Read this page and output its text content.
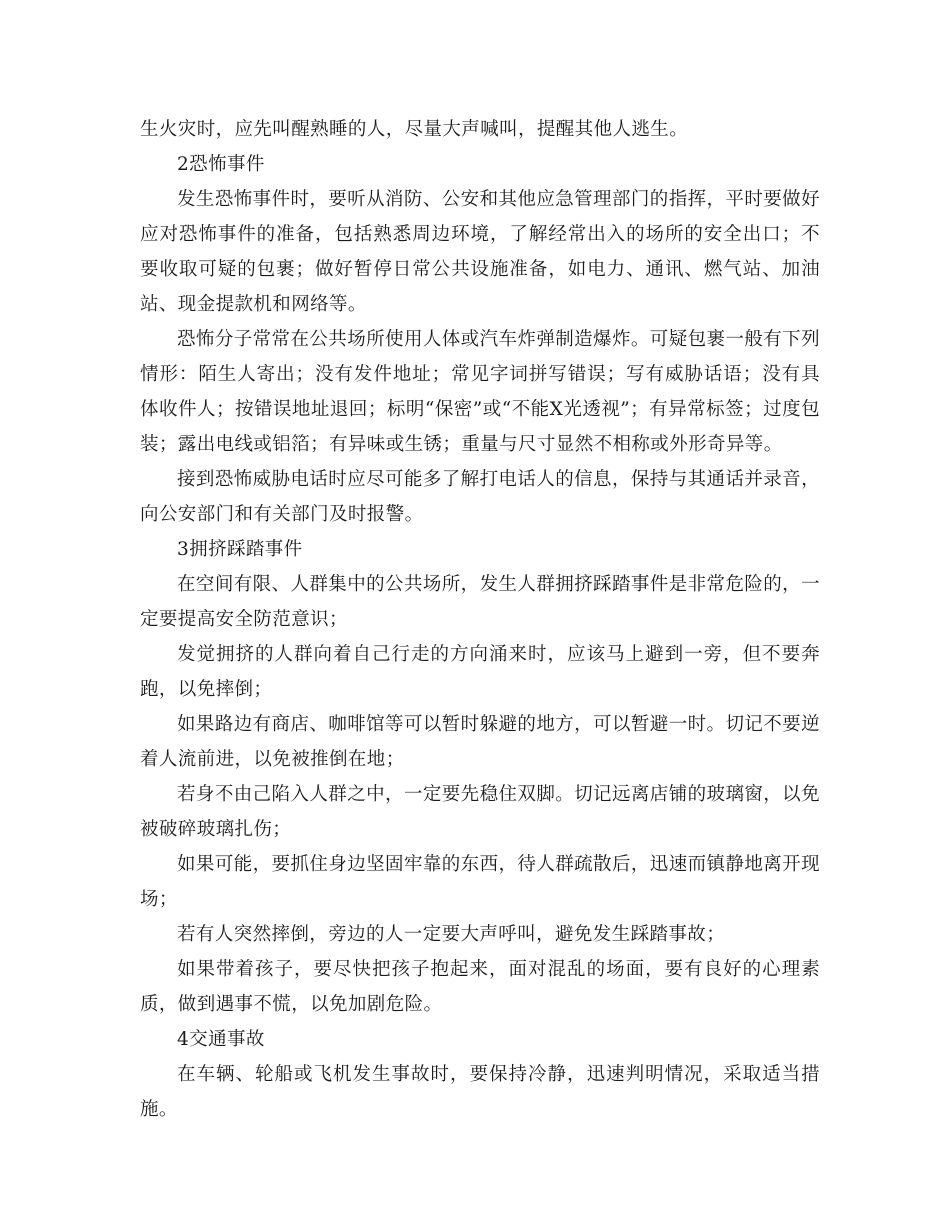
生火灾时，应先叫醒熟睡的人，尽量大声喊叫，提醒其他人逃生。

2恐怖事件

发生恐怖事件时，要听从消防、公安和其他应急管理部门的指挥，平时要做好应对恐怖事件的准备，包括熟悉周边环境，了解经常出入的场所的安全出口；不要收取可疑的包裹；做好暂停日常公共设施准备，如电力、通讯、燃气站、加油站、现金提款机和网络等。

恐怖分子常常在公共场所使用人体或汽车炸弹制造爆炸。可疑包裹一般有下列情形：陌生人寄出；没有发件地址；常见字词拼写错误；写有威胁话语；没有具体收件人；按错误地址退回；标明“保密”或“不能X光透视”；有异常标签；过度包装；露出电线或铝箔；有异味或生锈；重量与尺寸显然不相称或外形奇异等。

接到恐怖威胁电话时应尽可能多了解打电话人的信息，保持与其通话并录音，向公安部门和有关部门及时报警。

3拥挤踩踏事件

在空间有限、人群集中的公共场所，发生人群拥挤踩踏事件是非常危险的，一定要提高安全防范意识；

发觉拥挤的人群向着自己行走的方向涌来时，应该马上避到一旁，但不要奔跑，以免摔倒；

如果路边有商店、咖啡馆等可以暂时躲避的地方，可以暂避一时。切记不要逆着人流前进，以免被推倒在地；

若身不由己陷入人群之中，一定要先稳住双脚。切记远离店铺的玻璃窗，以免被破碎玻璃扎伤；

如果可能，要抓住身边坚固牢靠的东西，待人群疏散后，迅速而镇静地离开现场；

若有人突然摔倒，旁边的人一定要大声呼叫，避免发生踩踏事故；

如果带着孩子，要尽快把孩子抱起来，面对混乱的场面，要有良好的心理素质，做到遇事不慌，以免加剧危险。

4交通事故

在车辆、轮船或飞机发生事故时，要保持冷静，迅速判明情况，采取适当措施。
